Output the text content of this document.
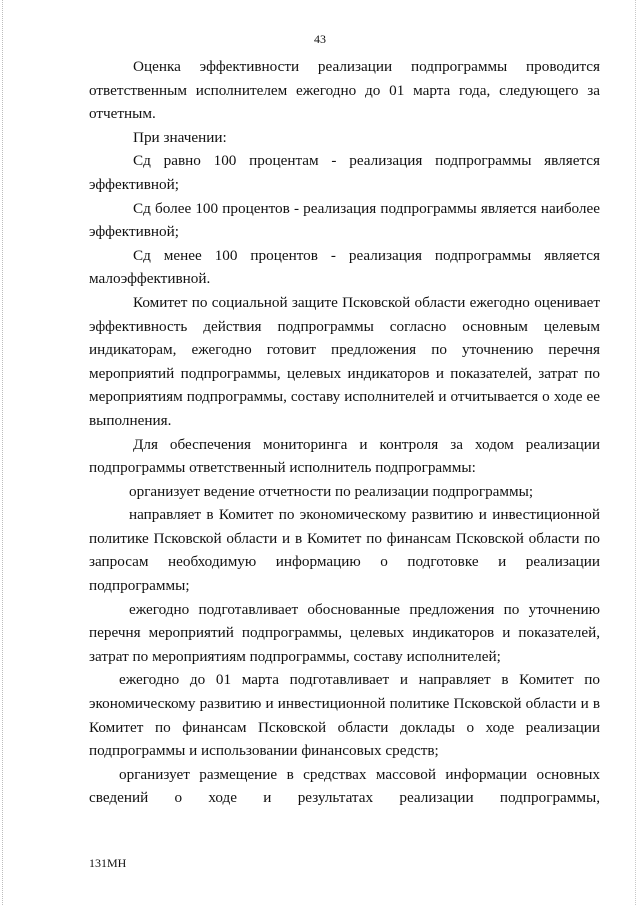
43

Оценка эффективности реализации подпрограммы проводится ответственным исполнителем ежегодно до 01 марта года, следующего за отчетным.

При значении:

Сд равно 100 процентам - реализация подпрограммы является эффективной;

Сд более 100 процентов - реализация подпрограммы является наиболее эффективной;

Сд менее 100 процентов - реализация подпрограммы является малоэффективной.

Комитет по социальной защите Псковской области ежегодно оценивает эффективность действия подпрограммы согласно основным целевым индикаторам, ежегодно готовит предложения по уточнению перечня мероприятий подпрограммы, целевых индикаторов и показателей, затрат по мероприятиям подпрограммы, составу исполнителей и отчитывается о ходе ее выполнения.

Для обеспечения мониторинга и контроля за ходом реализации подпрограммы ответственный исполнитель подпрограммы:

организует ведение отчетности по реализации подпрограммы;

направляет в Комитет по экономическому развитию и инвестиционной политике Псковской области и в Комитет по финансам Псковской области по запросам необходимую информацию о подготовке и реализации подпрограммы;

ежегодно подготавливает обоснованные предложения по уточнению перечня мероприятий подпрограммы, целевых индикаторов и показателей, затрат по мероприятиям подпрограммы, составу исполнителей;

ежегодно до 01 марта подготавливает и направляет в Комитет по экономическому развитию и инвестиционной политике Псковской области и в Комитет по финансам Псковской области доклады о ходе реализации подпрограммы и использовании финансовых средств;

организует размещение в средствах массовой информации основных сведений о ходе и результатах реализации подпрограммы,

131МН
